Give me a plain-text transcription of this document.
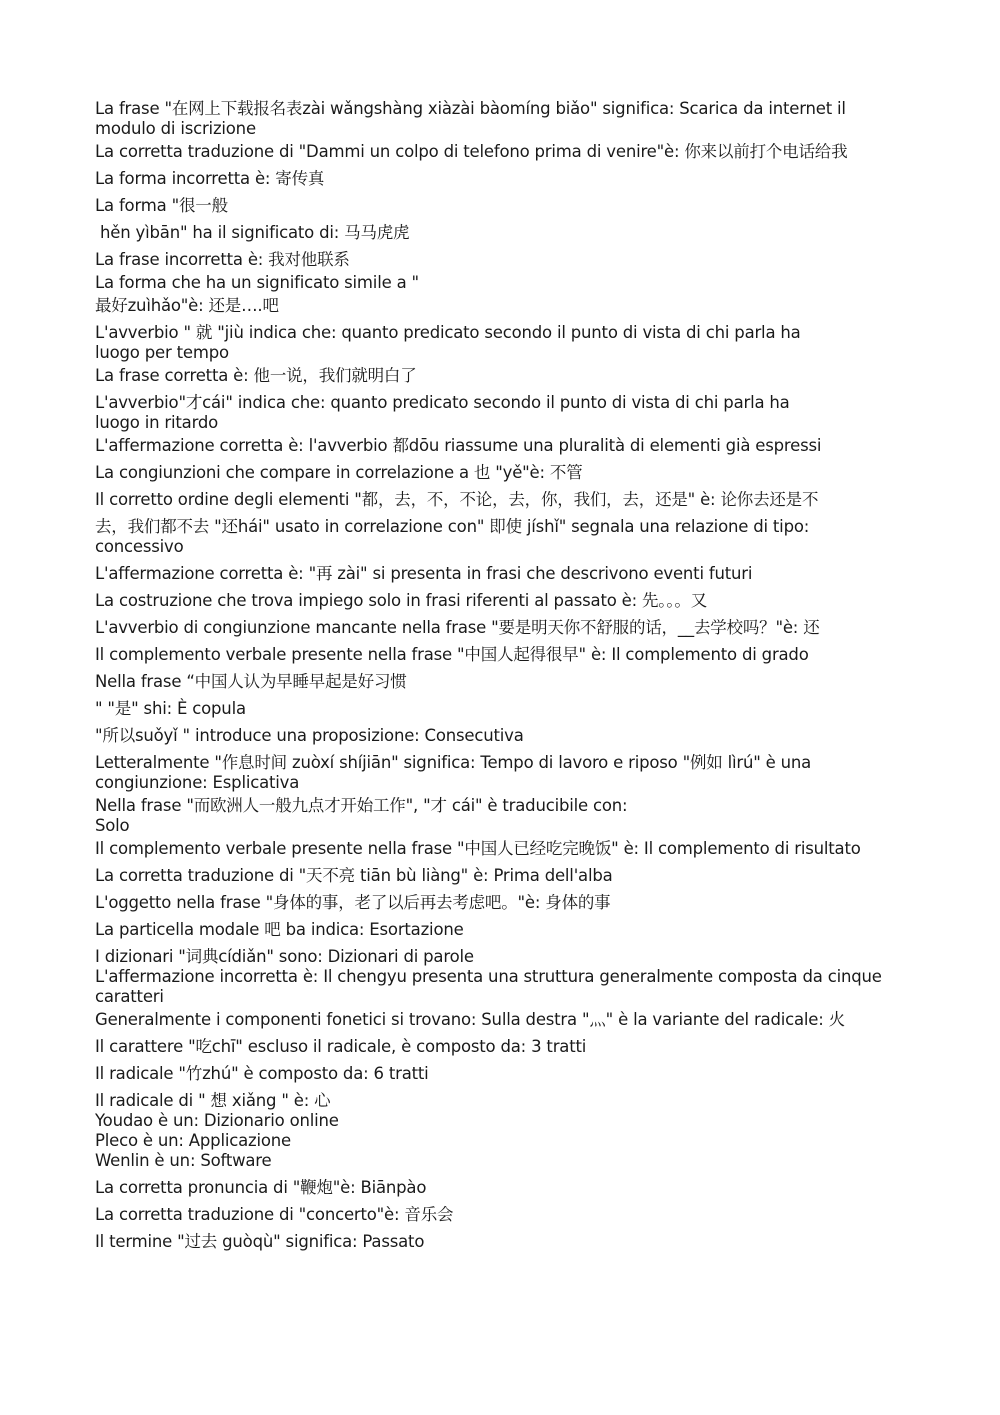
La frase "在网上下载报名表zài wǎngshàng xiàzài bàomíng biǎo" significa: Scarica da internet il
modulo di iscrizione
La corretta traduzione di "Dammi un colpo di telefono prima di venire"è: 你来以前打个电话给我
La forma incorretta è: 寄传真
La forma "很一般
hěn yìbān" ha il significato di: 马马虎虎
La frase incorretta è: 我对他联系
La forma che ha un significato simile a "
最好zuìhǎo"è: 还是….吧
L'avverbio " 就 "jiù indica che: quanto predicato secondo il punto di vista di chi parla ha
luogo per tempo
La frase corretta è: 他一说，我们就明白了
L'avverbio"才cái" indica che: quanto predicato secondo il punto di vista di chi parla ha
luogo in ritardo
L'affermazione corretta è: l'avverbio 都dōu riassume una pluralità di elementi già espressi
La congiunzioni che compare in correlazione a 也 "yě"è: 不管
Il corretto ordine degli elementi "都，去，不，不论，去，你，我们，去，还是" è: 论你去还是不
去，我们都不去 "还hái" usato in correlazione con" 即使 jíshǐ" segnala una relazione di tipo:
concessivo
L'affermazione corretta è: "再 zài" si presenta in frasi che descrivono eventi futuri
La costruzione che trova impiego solo in frasi riferenti al passato è: 先。。。又
L'avverbio di congiunzione mancante nella frase "要是明天你不舒服的话，__去学校吗？"è: 还
Il complemento verbale presente nella frase "中国人起得很早" è: Il complemento di grado
Nella frase “中国人认为早睡早起是好习惯
" "是" shi: È copula
"所以suǒyǐ " introduce una proposizione: Consecutiva
Letteralmente "作息时间 zuòxí shíjiān" significa: Tempo di lavoro e riposo "例如 lìrú" è una
congiunzione: Esplicativa
Nella frase "而欧洲人一般九点才开始工作", "才 cái" è traducibile con:
Solo
Il complemento verbale presente nella frase "中国人已经吃完晚饭" è: Il complemento di risultato
La corretta traduzione di "天不亮 tiān bù liàng" è: Prima dell'alba
L'oggetto nella frase "身体的事，老了以后再去考虑吧。"è: 身体的事
La particella modale 吧 ba indica: Esortazione
I dizionari "词典cídiǎn" sono: Dizionari di parole
L'affermazione incorretta è: Il chengyu presenta una struttura generalmente composta da cinque
caratteri
Generalmente i componenti fonetici si trovano: Sulla destra "灬" è la variante del radicale: 火
Il carattere "吃chī" escluso il radicale, è composto da: 3 tratti
Il radicale "竹zhú" è composto da: 6 tratti
Il radicale di " 想 xiǎng " è: 心
Youdao è un: Dizionario online
Pleco è un: Applicazione
Wenlin è un: Software
La corretta pronuncia di "鞭炮"è: Biānpào
La corretta traduzione di "concerto"è: 音乐会
Il termine "过去 guòqù" significa: Passato
